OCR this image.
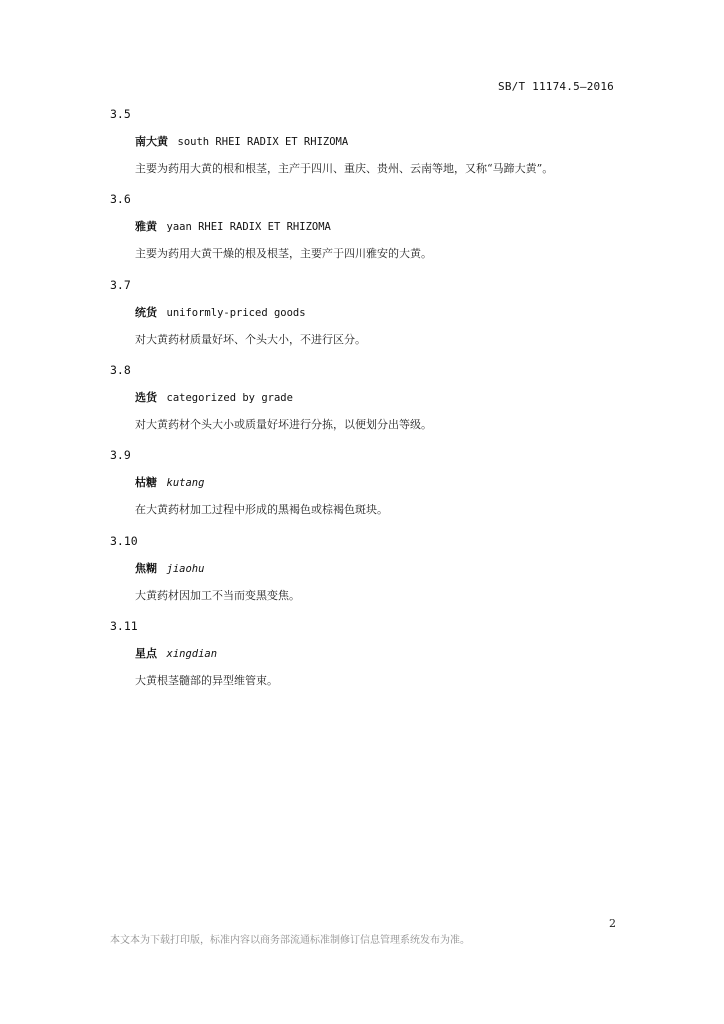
SB/T 11174.5—2016
3.5
南大黄 south RHEI RADIX ET RHIZOMA
主要为药用大黄的根和根茎，主产于四川、重庆、贵州、云南等地，又称“马蹄大黄”。
3.6
雅黄 yaan RHEI RADIX ET RHIZOMA
主要为药用大黄干燥的根及根茎，主要产于四川雅安的大黄。
3.7
统货 uniformly-priced goods
对大黄药材质量好坏、个头大小，不进行区分。
3.8
选货 categorized by grade
对大黄药材个头大小或质量好坏进行分拣，以便划分出等级。
3.9
枯糖 kutang
在大黄药材加工过程中形成的黑褐色或棕褐色斑块。
3.10
焦糊 jiaohu
大黄药材因加工不当而变黑变焦。
3.11
星点 xingdian
大黄根茎髓部的异型维管束。
2
本文本为下载打印版，标准内容以商务部流通标准制修订信息管理系统发布为准。
